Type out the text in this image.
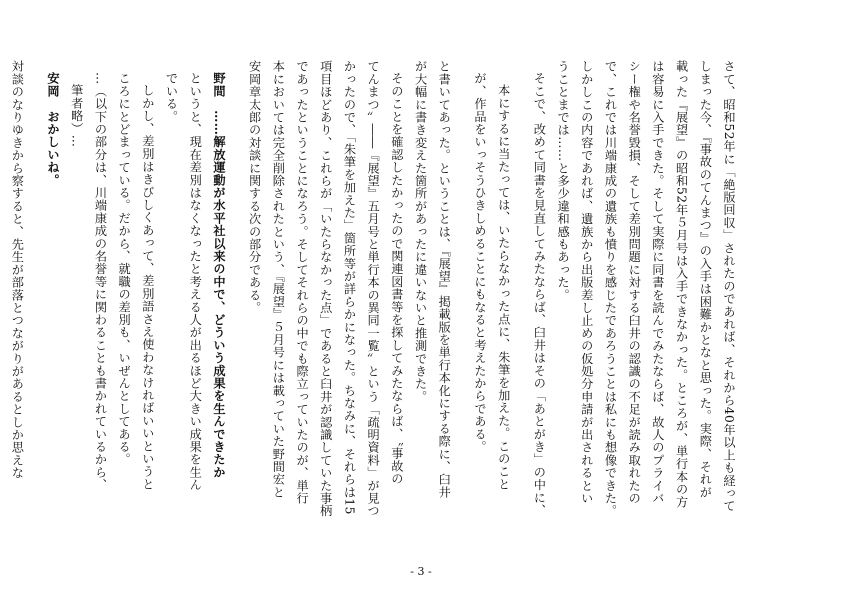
さて、昭和52年に「絶版回収」されたのであれば、それから40年以上も経って
しまった今、『事故のてんまつ』の入手は困難かとなと思った。実際、それが
載った『展望』の昭和52年５月号は入手できなかった。ところが、単行本の方
は容易に入手できた。そして実際に同書を読んでみたならば、故人のプライバ
シー権や名誉毀損、そして差別問題に対する臼井の認識の不足が読み取れたの
で、これでは川端康成の遺族も憤りを感じたであろうことは私にも想像できた。
しかしこの内容であれば、遺族から出版差し止めの仮処分申請が出されるとい
うことまでは……と多少違和感もあった。
そこで、改めて同書を見直してみたならば、臼井はその「あとがき」の中に、
本にするに当たっては、いたらなかった点に、朱筆を加えた。このこと
が、作品をいっそうひきしめることにもなると考えたからである。
と書いてあった。ということは、『展望』掲載版を単行本化にする際に、臼井
が大幅に書き変えた箇所があったに違いないと推測できた。
そのことを確認したかったので関連図書等を探してみたならば、〝事故の
てんまつ〟――『展望』五月号と単行本の異同一覧〟という「疏明資料」が見つ
かったので、「朱筆を加えた」箇所等が詳らかになった。ちなみに、それらは15
項目ほどあり、これらが「いたらなかった点」であると臼井が認識していた事柄
であったということになろう。そしてそれらの中でも際立っていたのが、単行
本においては完全削除されたという、『展望』５月号には載っていた野間宏と
安岡章太郎の対談に関する次の部分である。
野間　……解放運動が水平社以来の中で、どういう成果を生んできたか
というと、現在差別はなくなったと考える人が出るほど大きい成果を生ん
でいる。
しかし、差別はきびしくあって、差別語さえ使わなければいいというと
ころにとどまっている。だから、就職の差別も、いぜんとしてある。
…（以下の部分は、川端康成の名誉等に関わることも書かれているから、
筆者略）…
安岡　おかしいね。
対談のなりゆきから察すると、先生が部落とつながりがあるとしか思えな
- 3 -
